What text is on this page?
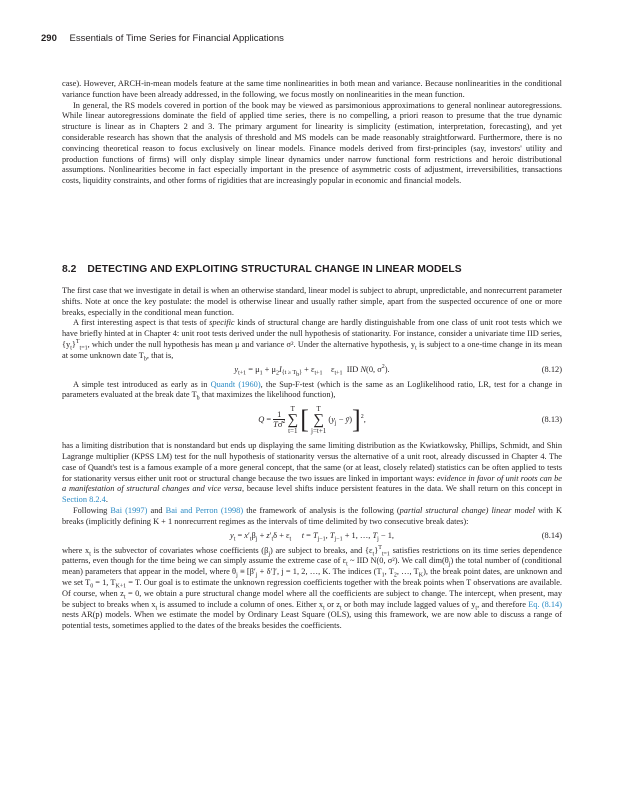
290 Essentials of Time Series for Financial Applications

case). However, ARCH-in-mean models feature at the same time nonlinearities in both mean and variance. Because nonlinearities in the conditional variance function have been already addressed, in the following, we focus mostly on nonlinearities in the mean function.

In general, the RS models covered in portion of the book may be viewed as parsimonious approximations to general nonlinear autoregressions. While linear autoregressions dominate the field of applied time series, there is no compelling, a priori reason to presume that the true dynamic structure is linear as in Chapters 2 and 3. The primary argument for linearity is simplicity (estimation, interpretation, forecasting), and yet considerable research has shown that the analysis of threshold and MS models can be made reasonably straightforward. Furthermore, there is no convincing theoretical reason to focus exclusively on linear models. Finance models derived from first-principles (say, investors' utility and production functions of firms) will only display simple linear dynamics under narrow functional form restrictions and heroic distributional assumptions. Nonlinearities become in fact especially important in the presence of asymmetric costs of adjustment, irreversibilities, transactions costs, liquidity constraints, and other forms of rigidities that are increasingly popular in economic and financial models.

8.2 DETECTING AND EXPLOITING STRUCTURAL CHANGE IN LINEAR MODELS

The first case that we investigate in detail is when an otherwise standard, linear model is subject to abrupt, unpredictable, and nonrecurrent parameter shifts. Note at once the key postulate: the model is otherwise linear and usually rather simple, apart from the suspected occurence of one or more breaks, especially in the conditional mean function.

A first interesting aspect is that tests of specific kinds of structural change are hardly distinguishable from one class of unit root tests which we have briefly hinted at in Chapter 4: unit root tests derived under the null hypothesis of stationarity. For instance, consider a univariate time IID series, $\{y_t\}^T_{t=1}$, which under the null hypothesis has mean μ and variance σ². Under the alternative hypothesis, $y_t$ is subject to a one-time change in its mean at some unknown date $T_b$, that is,

$y_{t+1} = \mu_1 + \mu_2I_{\{t \ge T_b\}} + \varepsilon_{t+1}$    $\varepsilon_{t+1}$  IID N(0, $\sigma^2$).	(8.12)

A simple test introduced as early as in Quandt (1960), the Sup-F-test (which is the same as an Loglikelihood ratio, LR, test for a change in parameters evaluated at the break date $T_b$ that maximizes the likelihood function),

$Q = \frac{1}{T\sigmâ^2}$
T
∑
t=1 [ T
∑
j=t+1 ($y_j$ − ȳ)]$^2$,	(8.13)

has a limiting distribution that is nonstandard but ends up displaying the same limiting distribution as the Kwiatkowsky, Phillips, Schmidt, and Shin Lagrange multiplier (KPSS LM) test for the null hypothesis of stationarity versus the alternative of a unit root, already discussed in Chapter 4. The case of Quandt's test is a famous example of a more general concept, that the same (or at least, closely related) statistics can be often applied to tests for stationarity versus either unit root or structural change because the two issues are linked in important ways: evidence in favor of unit roots can be a manifestation of structural changes and vice versa, because level shifts induce persistent features in the data. We shall return on this concept in Section 8.2.4.

Following Bai (1997) and Bai and Perron (1998) the framework of analysis is the following (partial structural change) linear model with K breaks (implicitly defining K + 1 nonrecurrent regimes as the intervals of time delimited by two consecutive break dates):

$y_t = x'_t\beta_j + z'_t\delta + \varepsilon_t$ $t = T_{j-1}$, $T_{j-1} + 1$, …, $T_j - 1$,	(8.14)

where $x_t$ is the subvector of covariates whose coefficients $(\beta_j)$ are subject to breaks, and $\{\varepsilon_t\}^T_{t=1}$ satisfies restrictions on its time series dependence patterns, even though for the time being we can simply assume the extreme case of $\varepsilon_t$ ~ IID N(0, σ²). We call $dim(\theta_j)$ the total number of (conditional mean) parameters that appear in the model, where $\theta_j \equiv [\beta'_j + \delta']'$, j = 1, 2, …, K. The indices ($T_1$, $T_2$, …, $T_K$), the break point dates, are unknown and we set $T_0 = 1$, $T_{K+1} = T$. Our goal is to estimate the unknown regression coefficients together with the break points when T observations are available. Of course, when $z_t = 0$, we obtain a pure structural change model where all the coefficients are subject to change. The intercept, when present, may be subject to breaks when $x_t$ is assumed to include a column of ones. Either $x_t$ or $z_t$ or both may include lagged values of $y_t$, and therefore Eq. (8.14) nests AR(p) models. When we estimate the model by Ordinary Least Square (OLS), using this framework, we are now able to discuss a range of potential tests, sometimes applied to the dates of the breaks besides the coefficients.
